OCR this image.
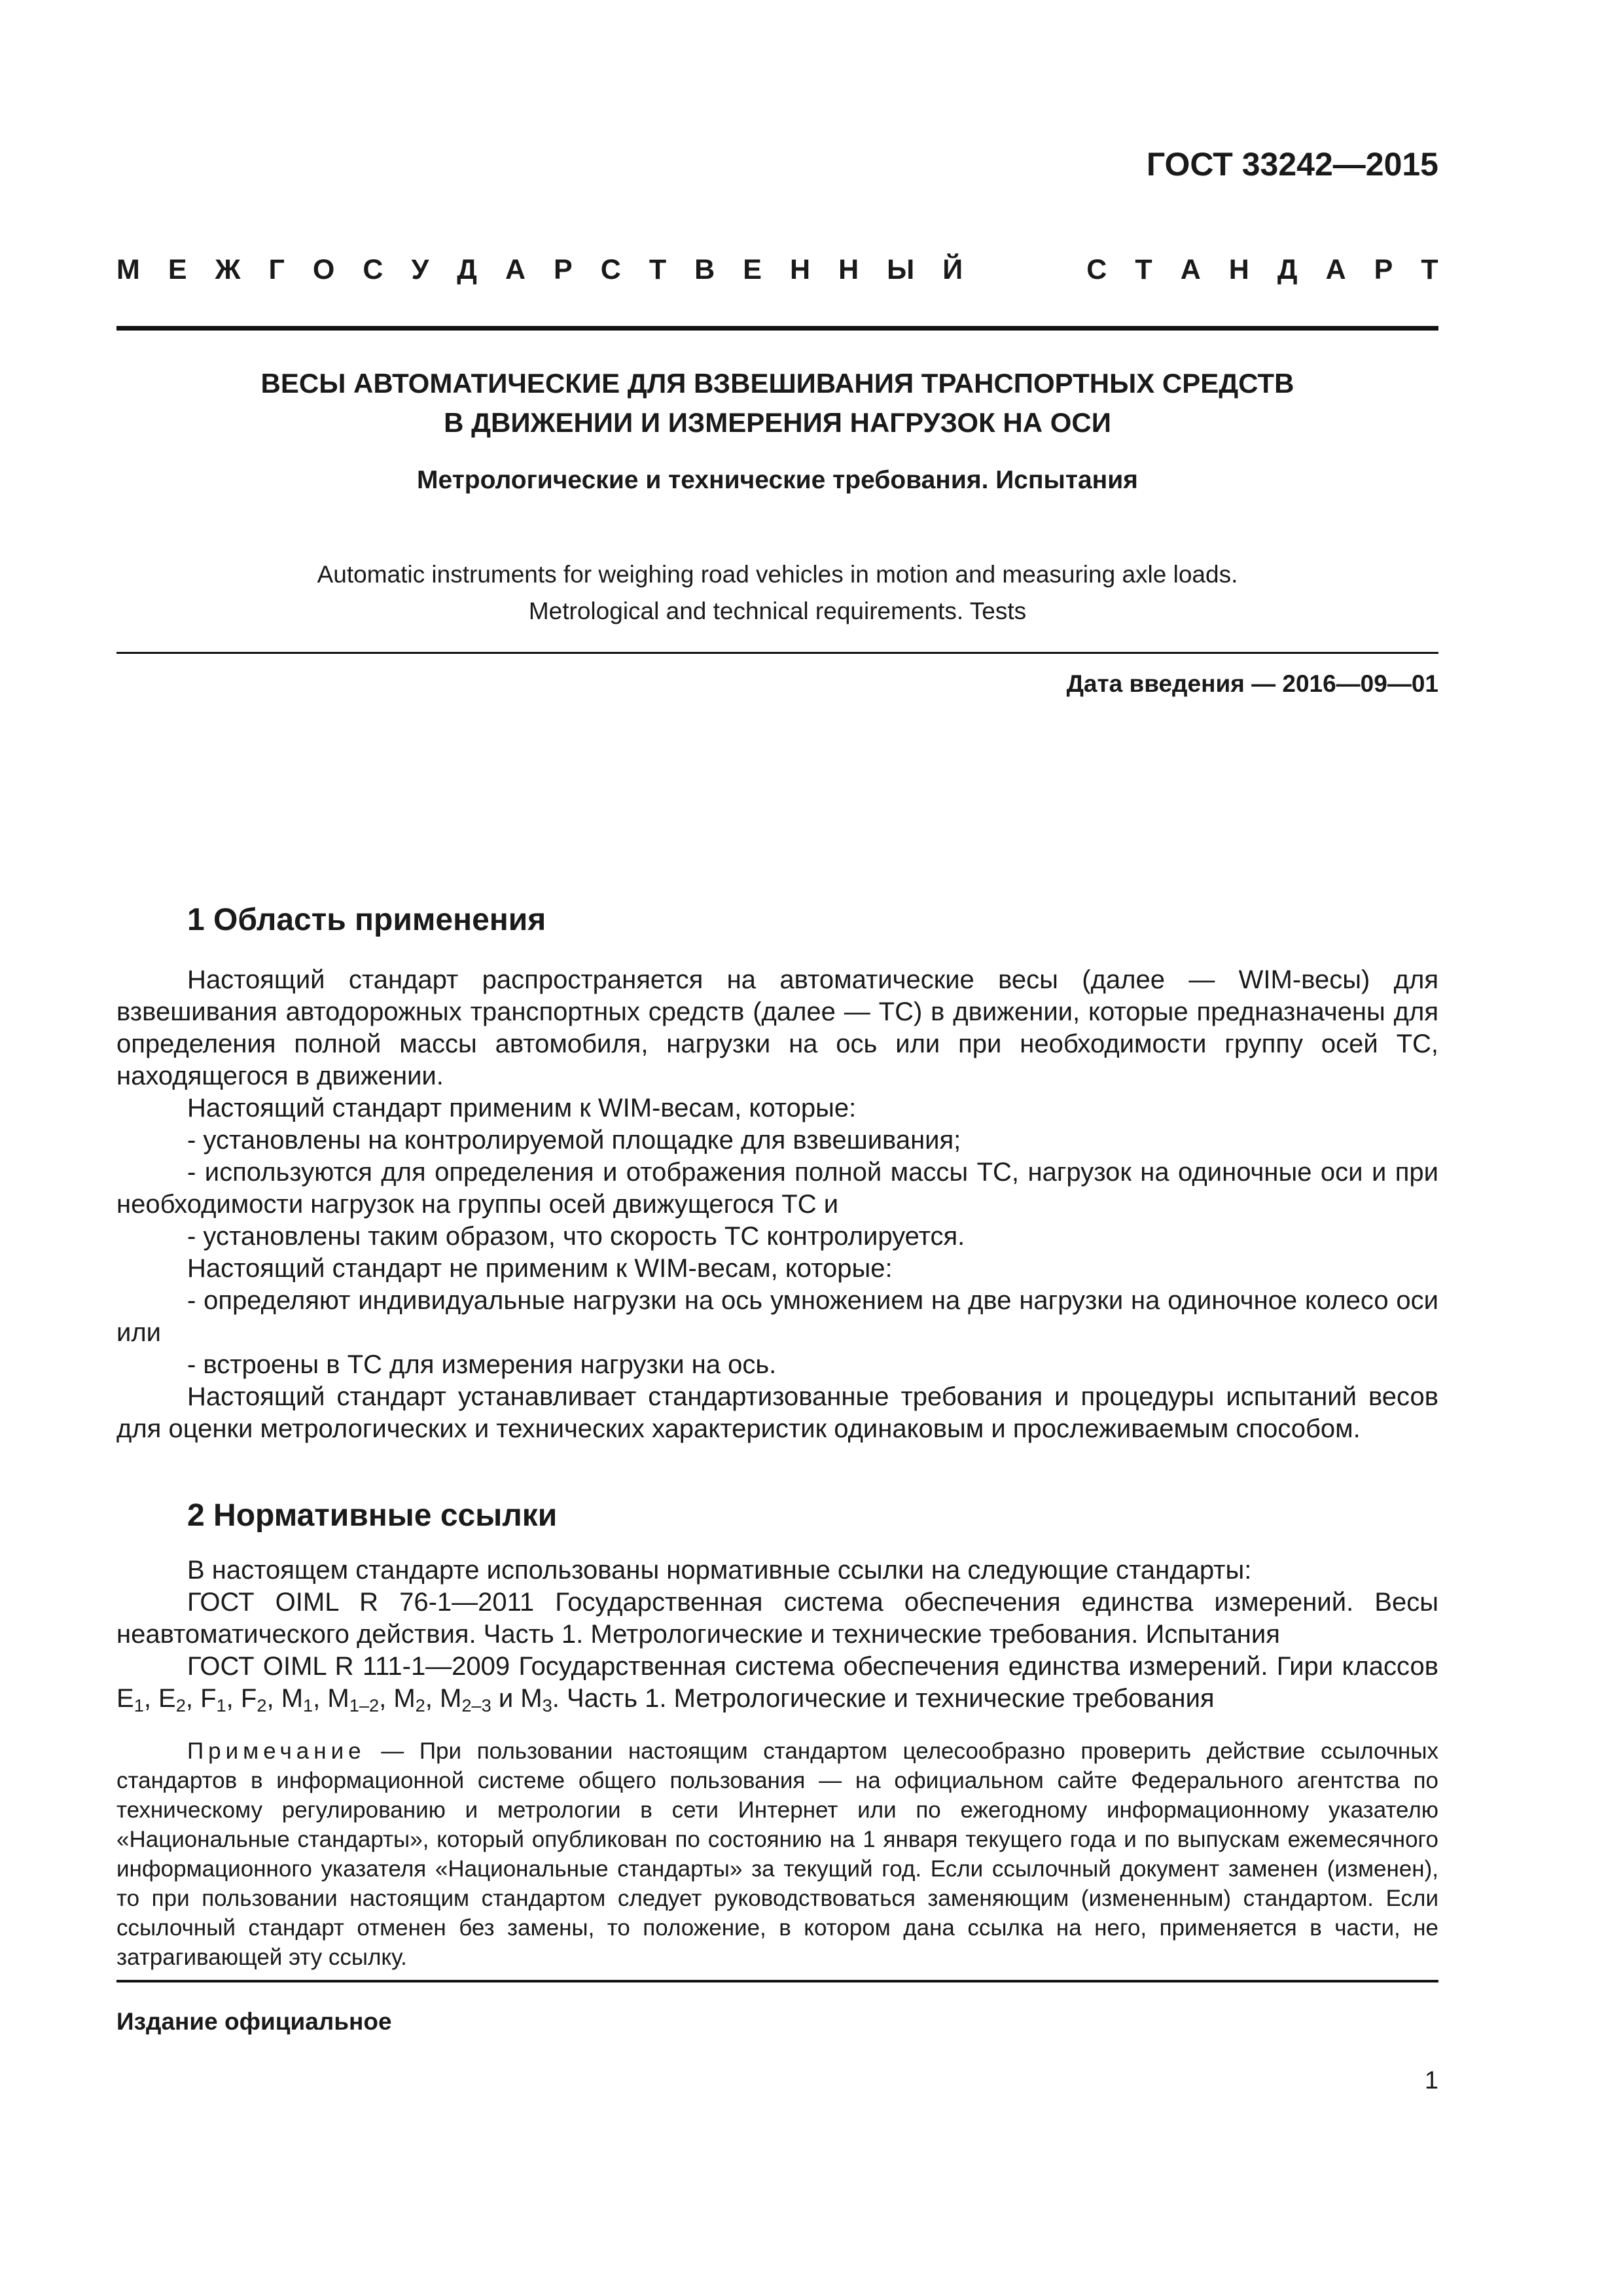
ГОСТ 33242—2015
М Е Ж Г О С У Д А Р С Т В Е Н Н Ы Й	С Т А Н Д А Р Т
ВЕСЫ АВТОМАТИЧЕСКИЕ ДЛЯ ВЗВЕШИВАНИЯ ТРАНСПОРТНЫХ СРЕДСТВ
В ДВИЖЕНИИ И ИЗМЕРЕНИЯ НАГРУЗОК НА ОСИ
Метрологические и технические требования. Испытания
Automatic instruments for weighing road vehicles in motion and measuring axle loads.
Metrological and technical requirements. Tests
Дата введения — 2016—09—01
1 Область применения

Настоящий стандарт распространяется на автоматические весы (далее — WIM-весы) для взвешивания автодорожных транспортных средств (далее — ТС) в движении, которые предназначены для определения полной массы автомобиля, нагрузки на ось или при необходимости группу осей ТС, находящегося в движении.

Настоящий стандарт применим к WIM-весам, которые:

- установлены на контролируемой площадке для взвешивания;

- используются для определения и отображения полной массы ТС, нагрузок на одиночные оси и при необходимости нагрузок на группы осей движущегося ТС и

- установлены таким образом, что скорость ТС контролируется.

Настоящий стандарт не применим к WIM-весам, которые:

- определяют индивидуальные нагрузки на ось умножением на две нагрузки на одиночное колесо оси или

- встроены в ТС для измерения нагрузки на ось.

Настоящий стандарт устанавливает стандартизованные требования и процедуры испытаний весов для оценки метрологических и технических характеристик одинаковым и прослеживаемым способом.

2 Нормативные ссылки

В настоящем стандарте использованы нормативные ссылки на следующие стандарты:

ГОСТ OIML R 76-1—2011 Государственная система обеспечения единства измерений. Весы неавтоматического действия. Часть 1. Метрологические и технические требования. Испытания

ГОСТ OIML R 111-1—2009 Государственная система обеспечения единства измерений. Гири классов $E_1$, $E_2$, $F_1$, $F_2$, $M_1$, $M_{1-2}$, $M_2$, $M_{2-3}$ и $M_3$. Часть 1. Метрологические и технические требования

Примечание — При пользовании настоящим стандартом целесообразно проверить действие ссылочных стандартов в информационной системе общего пользования — на официальном сайте Федерального агентства по техническому регулированию и метрологии в сети Интернет или по ежегодному информационному указателю «Национальные стандарты», который опубликован по состоянию на 1 января текущего года и по выпускам ежемесячного информационного указателя «Национальные стандарты» за текущий год. Если ссылочный документ заменен (изменен), то при пользовании настоящим стандартом следует руководствоваться заменяющим (измененным) стандартом. Если ссылочный стандарт отменен без замены, то положение, в котором дана ссылка на него, применяется в части, не затрагивающей эту ссылку.
Издание официальное
1
